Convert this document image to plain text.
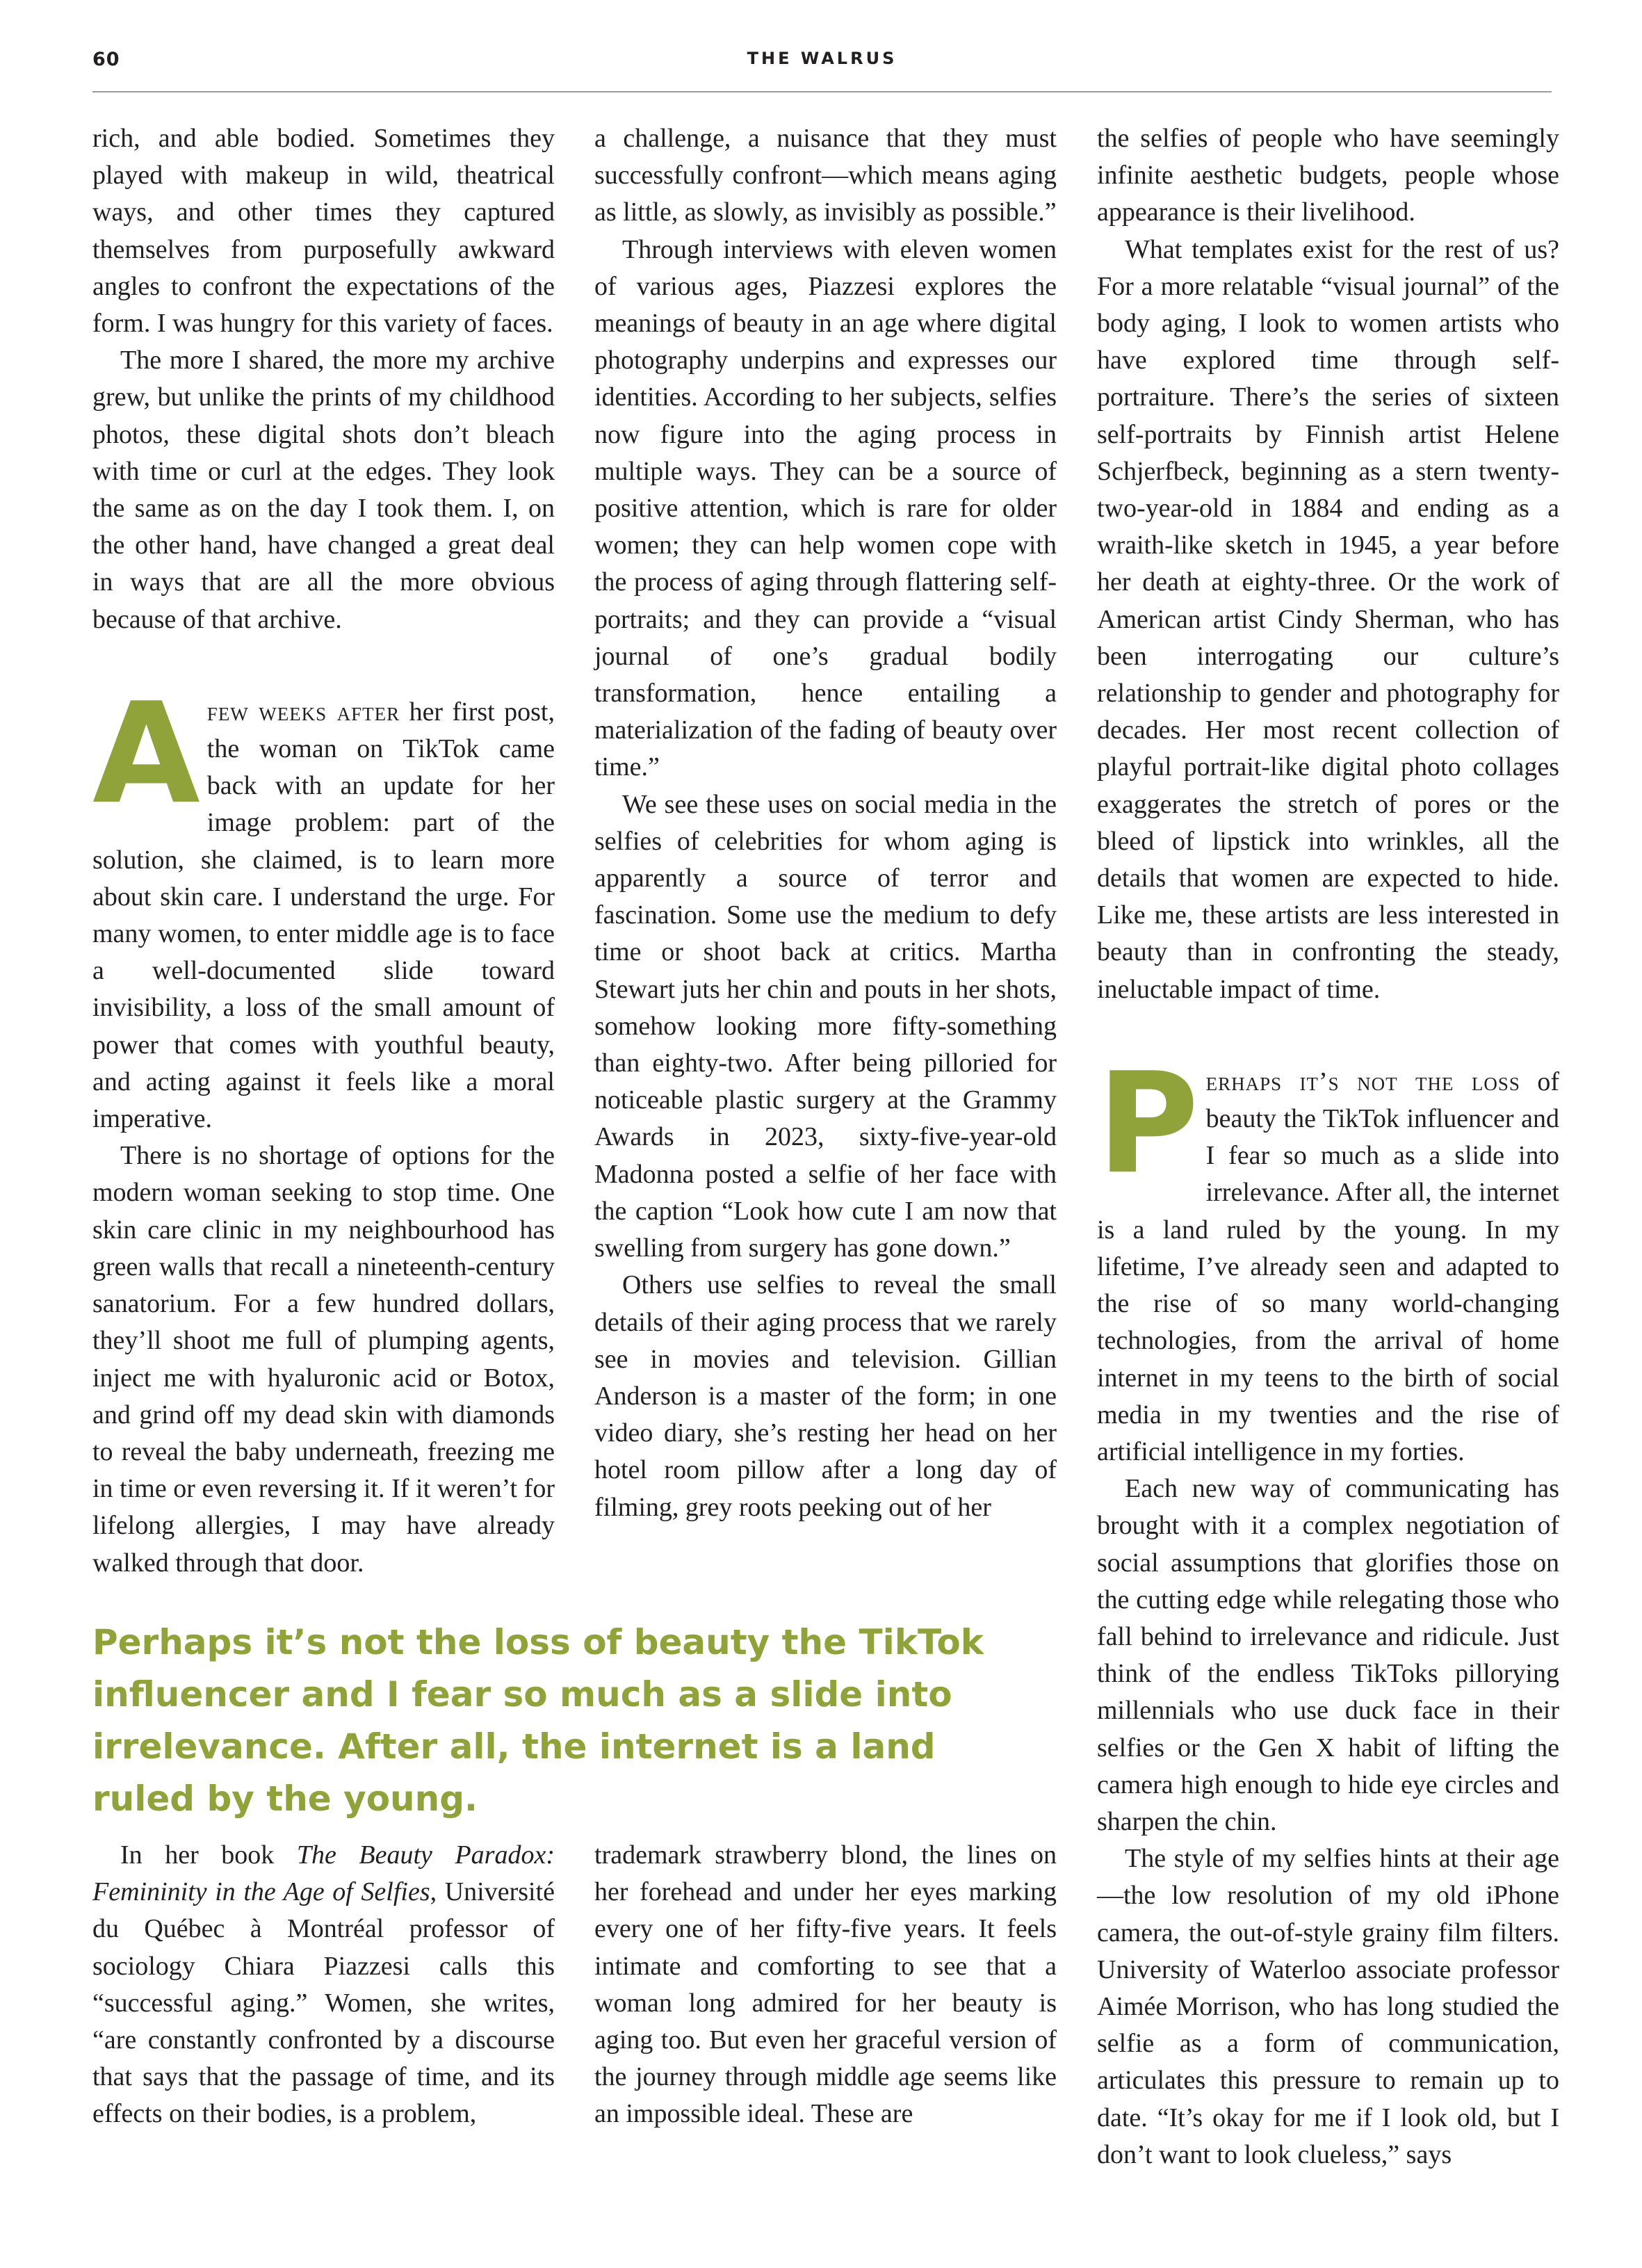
60	THE WALRUS

rich, and able bodied. Sometimes they played with makeup in wild, theatrical ways, and other times they captured themselves from purposefully awkward angles to confront the expectations of the form. I was hungry for this variety of faces.

The more I shared, the more my archive grew, but unlike the prints of my childhood photos, these digital shots don’t bleach with time or curl at the edges. They look the same as on the day I took them. I, on the other hand, have changed a great deal in ways that are all the more obvious because of that archive.

Afew weeks after her first post, the woman on TikTok came back with an update for her image problem: part of the solution, she claimed, is to learn more about skin care. I understand the urge. For many women, to enter middle age is to face a well-documented slide toward invisibility, a loss of the small amount of power that comes with youthful beauty, and acting against it feels like a moral imperative.

There is no shortage of options for the modern woman seeking to stop time. One skin care clinic in my neighbourhood has green walls that recall a nineteenth-century sanatorium. For a few hundred dollars, they’ll shoot me full of plumping agents, inject me with hyaluronic acid or Botox, and grind off my dead skin with diamonds to reveal the baby underneath, freezing me in time or even reversing it. If it weren’t for lifelong allergies, I may have already walked through that door.

a challenge, a nuisance that they must successfully confront—which means aging as little, as slowly, as invisibly as possible.”

Through interviews with eleven women of various ages, Piazzesi explores the meanings of beauty in an age where digital photography underpins and expresses our identities. According to her subjects, selfies now figure into the aging process in multiple ways. They can be a source of positive attention, which is rare for older women; they can help women cope with the process of aging through flattering self-portraits; and they can provide a “visual journal of one’s gradual bodily transformation, hence entailing a materialization of the fading of beauty over time.”

We see these uses on social media in the selfies of celebrities for whom aging is apparently a source of terror and fascination. Some use the medium to defy time or shoot back at critics. Martha Stewart juts her chin and pouts in her shots, somehow looking more fifty-something than eighty-two. After being pilloried for noticeable plastic surgery at the Grammy Awards in 2023, sixty-five-year-old Madonna posted a selfie of her face with the caption “Look how cute I am now that swelling from surgery has gone down.”

Others use selfies to reveal the small details of their aging process that we rarely see in movies and television. Gillian Anderson is a master of the form; in one video diary, she’s resting her head on her hotel room pillow after a long day of filming, grey roots peeking out of her

the selfies of people who have seemingly infinite aesthetic budgets, people whose appearance is their livelihood.

What templates exist for the rest of us? For a more relatable “visual journal” of the body aging, I look to women artists who have explored time through self-portraiture. There’s the series of sixteen self-portraits by Finnish artist Helene Schjerfbeck, beginning as a stern twenty-two-year-old in 1884 and ending as a wraith-like sketch in 1945, a year before her death at eighty-three. Or the work of American artist Cindy Sherman, who has been interrogating our culture’s relationship to gender and photography for decades. Her most recent collection of playful portrait-like digital photo collages exaggerates the stretch of pores or the bleed of lipstick into wrinkles, all the details that women are expected to hide. Like me, these artists are less interested in beauty than in confronting the steady, ineluctable impact of time.

Perhaps it’s not the loss of beauty the TikTok influencer and I fear so much as a slide into irrelevance. After all, the internet is a land ruled by the young. In my lifetime, I’ve already seen and adapted to the rise of so many world-changing technologies, from the arrival of home internet in my teens to the birth of social media in my twenties and the rise of artificial intelligence in my forties.

Each new way of communicating has brought with it a complex negotiation of social assumptions that glorifies those on the cutting edge while relegating those who fall behind to irrelevance and ridicule. Just think of the endless TikToks pillorying millennials who use duck face in their selfies or the Gen X habit of lifting the camera high enough to hide eye circles and sharpen the chin.

The style of my selfies hints at their age—the low resolution of my old iPhone camera, the out-of-style grainy film filters. University of Waterloo associate professor Aimée Morrison, who has long studied the selfie as a form of communication, articulates this pressure to remain up to date. “It’s okay for me if I look old, but I don’t want to look clueless,” says

Perhaps it’s not the loss of beauty the TikTok influencer and I fear so much as a slide into irrelevance. After all, the internet is a land ruled by the young.

In her book The Beauty Paradox: Femininity in the Age of Selfies, Université du Québec à Montréal professor of sociology Chiara Piazzesi calls this “successful aging.” Women, she writes, “are constantly confronted by a discourse that says that the passage of time, and its effects on their bodies, is a problem,

trademark strawberry blond, the lines on her forehead and under her eyes marking every one of her fifty-five years. It feels intimate and comforting to see that a woman long admired for her beauty is aging too. But even her graceful version of the journey through middle age seems like an impossible ideal. These are
